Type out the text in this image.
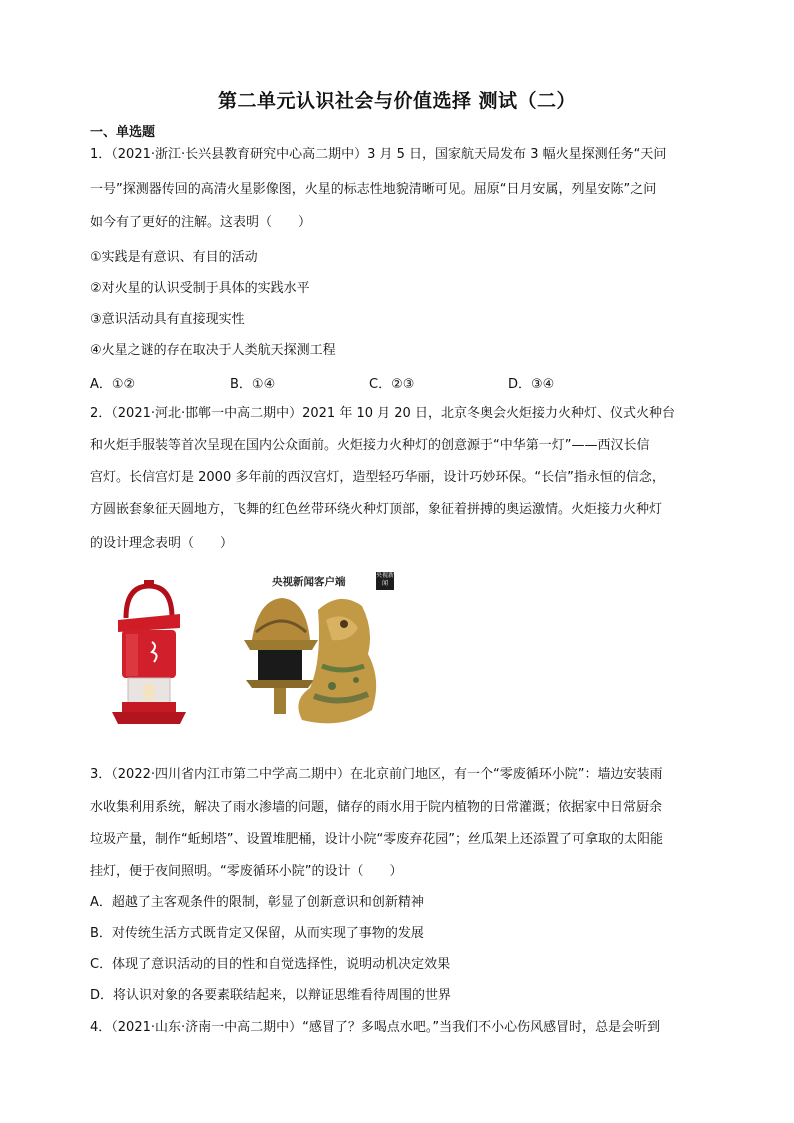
第二单元认识社会与价值选择 测试（二）
一、单选题
1．（2021·浙江·长兴县教育研究中心高二期中）3 月 5 日，国家航天局发布 3 幅火星探测任务“天问
一号”探测器传回的高清火星影像图，火星的标志性地貌清晰可见。屈原“日月安属，列星安陈”之问
如今有了更好的注解。这表明（　　）
①实践是有意识、有目的活动
②对火星的认识受制于具体的实践水平
③意识活动具有直接现实性
④火星之谜的存在取决于人类航天探测工程
A．①②	B．①④	C．②③	D．③④
2．（2021·河北·邯郸一中高二期中）2021 年 10 月 20 日，北京冬奥会火炬接力火种灯、仪式火种台
和火炬手服装等首次呈现在国内公众面前。火炬接力火种灯的创意源于“中华第一灯”——西汉长信
宫灯。长信宫灯是 2000 多年前的西汉宫灯，造型轻巧华丽，设计巧妙环保。“长信”指永恒的信念，
方圆嵌套象征天圆地方，飞舞的红色丝带环绕火种灯顶部，象征着拼搏的奥运激情。火炬接力火种灯
的设计理念表明（　　）
央视新闻客户端
央视新闻
3．（2022·四川省内江市第二中学高二期中）在北京前门地区，有一个“零废循环小院”：墙边安装雨
水收集利用系统，解决了雨水渗墙的问题，储存的雨水用于院内植物的日常灌溉；依据家中日常厨余
垃圾产量，制作“蚯蚓塔”、设置堆肥桶，设计小院“零废弃花园”；丝瓜架上还添置了可拿取的太阳能
挂灯，便于夜间照明。“零废循环小院”的设计（　　）
A．超越了主客观条件的限制，彰显了创新意识和创新精神
B．对传统生活方式既肯定又保留，从而实现了事物的发展
C．体现了意识活动的目的性和自觉选择性，说明动机决定效果
D．将认识对象的各要素联结起来，以辩证思维看待周围的世界
4．（2021·山东·济南一中高二期中）“感冒了？多喝点水吧。”当我们不小心伤风感冒时，总是会听到
